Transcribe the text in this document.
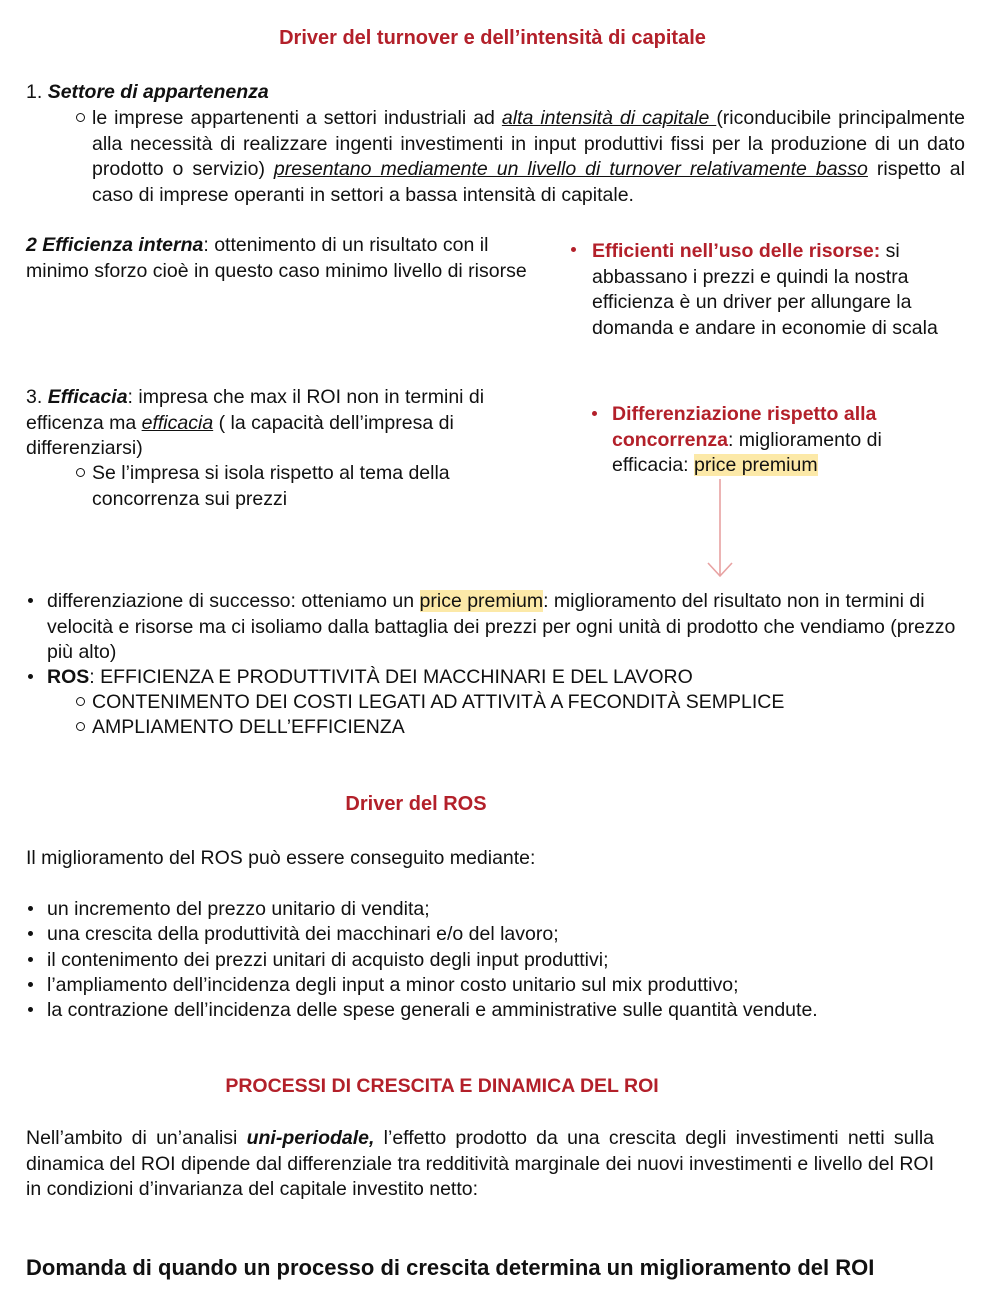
Driver del turnover e dell’intensità di capitale
1. Settore di appartenenza
le imprese appartenenti a settori industriali ad alta intensità di capitale (riconducibile principalmente alla necessità di realizzare ingenti investimenti in input produttivi fissi per la produzione di un dato prodotto o servizio) presentano mediamente un livello di turnover relativamente basso rispetto al caso di imprese operanti in settori a bassa intensità di capitale.
2 Efficienza interna: ottenimento di un risultato con il minimo sforzo cioè in questo caso minimo livello di risorse
Efficienti nell’uso delle risorse: si abbassano i prezzi e quindi la nostra efficienza è un driver per allungare la domanda e andare in economie di scala
3. Efficacia: impresa che max il ROI non in termini di efficenza ma efficacia ( la capacità dell’impresa di differenziarsi)
Se l’impresa si isola rispetto al tema della concorrenza sui prezzi
Differenziazione rispetto alla concorrenza: miglioramento di efficacia: price premium
differenziazione di successo: otteniamo un price premium: miglioramento del risultato non in termini di velocità e risorse ma ci isoliamo dalla battaglia dei prezzi per ogni unità di prodotto che vendiamo (prezzo più alto)
ROS: EFFICIENZA E PRODUTTIVITÀ DEI MACCHINARI E DEL LAVORO
CONTENIMENTO DEI COSTI LEGATI AD ATTIVITÀ A FECONDITÀ SEMPLICE
AMPLIAMENTO DELL’EFFICIENZA
Driver del ROS
Il miglioramento del ROS può essere conseguito mediante:
un incremento del prezzo unitario di vendita;
una crescita della produttività dei macchinari e/o del lavoro;
il contenimento dei prezzi unitari di acquisto degli input produttivi;
l’ampliamento dell’incidenza degli input a minor costo unitario sul mix produttivo;
la contrazione dell’incidenza delle spese generali e amministrative sulle quantità vendute.
PROCESSI DI CRESCITA E DINAMICA DEL ROI
Nell’ambito di un’analisi uni-periodale, l’effetto prodotto da una crescita degli investimenti netti sulla dinamica del ROI dipende dal differenziale tra redditività marginale dei nuovi investimenti e livello del ROI in condizioni d’invarianza del capitale investito netto:
Domanda di quando un processo di crescita determina un miglioramento del ROI
